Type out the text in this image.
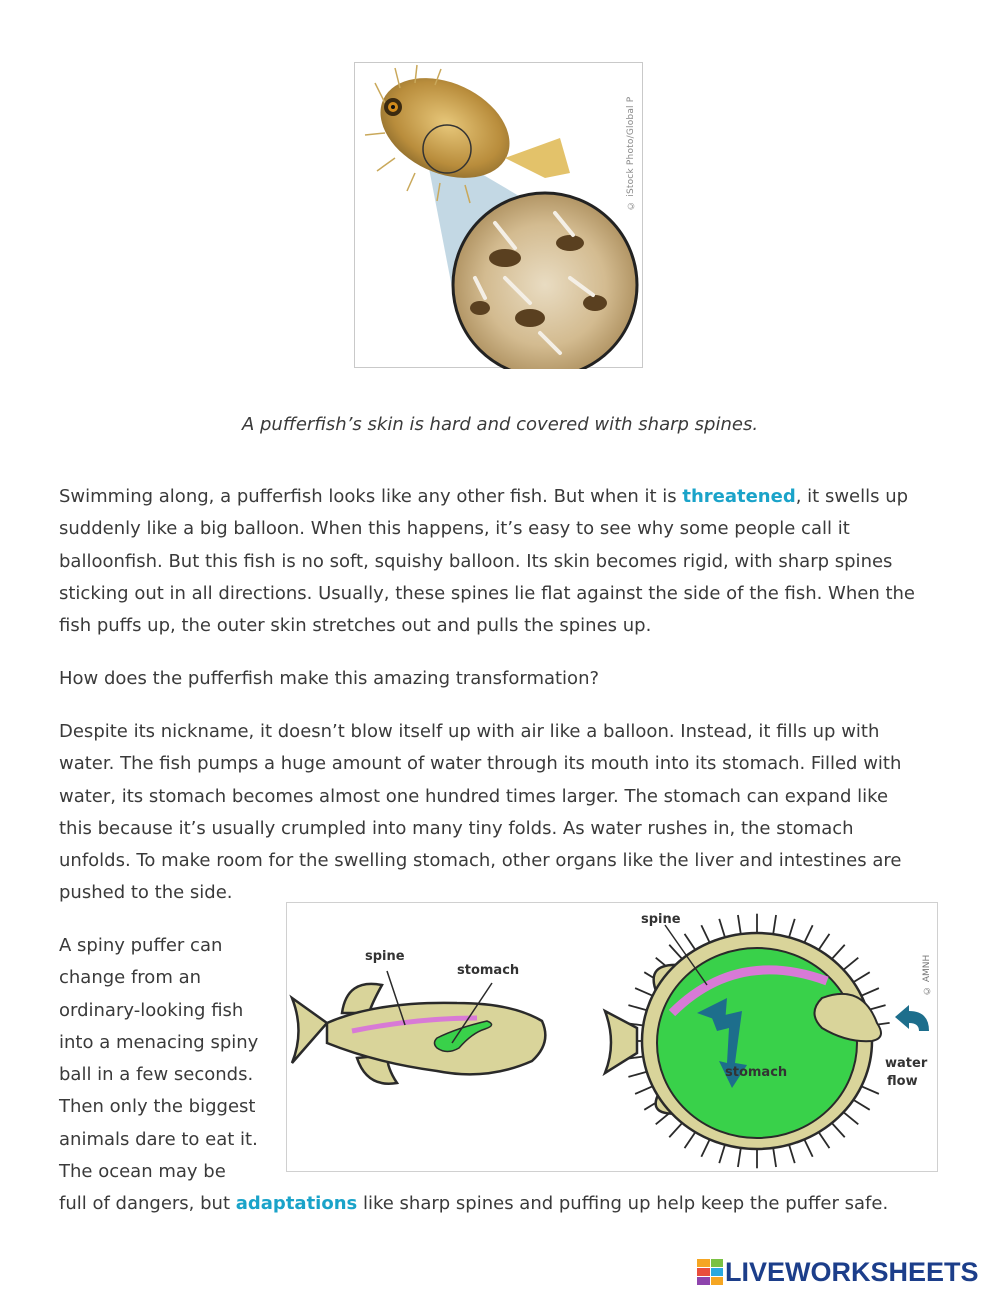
© iStock Photo/Global P
A pufferfish’s skin is hard and covered with sharp spines.
Swimming along, a pufferfish looks like any other fish. But when it is threatened, it swells up
suddenly like a big balloon. When this happens, it’s easy to see why some people call it
balloonfish. But this fish is no soft, squishy balloon. Its skin becomes rigid, with sharp spines
sticking out in all directions. Usually, these spines lie flat against the side of the fish. When the
fish puffs up, the outer skin stretches out and pulls the spines up.
How does the pufferfish make this amazing transformation?
Despite its nickname, it doesn’t blow itself up with air like a balloon. Instead, it fills up with
water. The fish pumps a huge amount of water through its mouth into its stomach. Filled with
water, its stomach becomes almost one hundred times larger. The stomach can expand like
this because it’s usually crumpled into many tiny folds. As water rushes in, the stomach
unfolds. To make room for the swelling stomach, other organs like the liver and intestines are
pushed to the side.
A spiny puffer can
change from an
ordinary-looking fish
into a menacing spiny
ball in a few seconds.
Then only the biggest
animals dare to eat it.
The ocean may be
full of dangers, but adaptations like sharp spines and puffing up help keep the puffer safe.
spine
stomach
spine
stomach
water
flow
© AMNH
LIVEWORKSHEETS
